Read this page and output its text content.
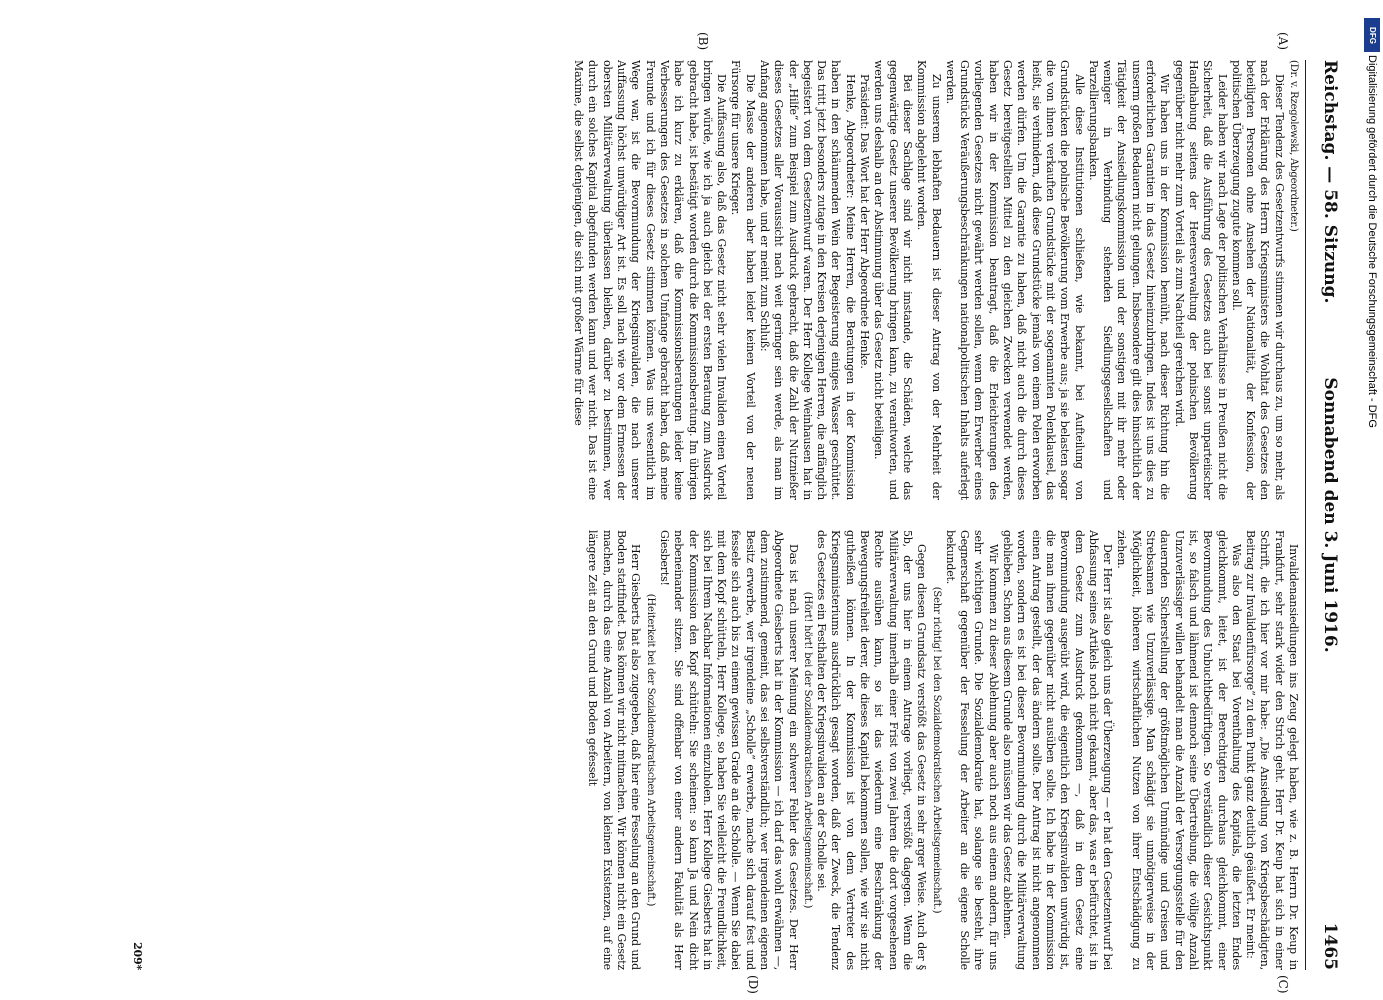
Reichstag. — 58. Sitzung.
Sonnabend den 3. Juni 1916.
1465
(A)
(B)
(C)
(D)

(Dr. v. Rzegolewski, Abgeordneter.)

Dieser Tendenz des Gesetzentwurfs stimmen wir durchaus zu, um so mehr, als nach der Erklärung des Herrn Kriegsministers die Wohltat des Gesetzes den beteiligten Personen ohne Ansehen der Nationalität, der Konfession, der politischen Überzeugung zugute kommen soll.

Leider haben wir nach Lage der politischen Verhältnisse in Preußen nicht die Sicherheit, daß die Ausführung des Gesetzes auch bei sonst unparteiischer Handhabung seitens der Heeresverwaltung der polnischen Bevölkerung gegenüber nicht mehr zum Vorteil als zum Nachteil gereichen wird.

Wir haben uns in der Kommission bemüht, nach dieser Richtung hin die erforderlichen Garantien in das Gesetz hineinzubringen. Indes ist uns dies zu unserm großen Bedauern nicht gelungen. Insbesondere gilt dies hinsichtlich der Tätigkeit der Ansiedlungskommission und der sonstigen mit ihr mehr oder weniger in Verbindung stehenden Siedlungsgesellschaften und Parzellierungsbanken.

Alle diese Institutionen schließen, wie bekannt, bei Aufteilung von Grundstücken die polnische Bevölkerung vom Erwerbe aus; ja sie belasten sogar die von ihnen verkauften Grundstücke mit der sogenannten Polenklausel, das heißt, sie verhindern, daß diese Grundstücke jemals von einem Polen erworben werden dürfen. Um die Garantie zu haben, daß nicht auch die durch dieses Gesetz bereitgestellten Mittel zu den gleichen Zwecken verwendet werden, haben wir in der Kommission beantragt, daß die Erleichterungen des vorliegenden Gesetzes nicht gewährt werden sollen, wenn dem Erwerber eines Grundstücks Veräußerungsbeschränkungen nationalpolitischen Inhalts auferlegt werden.

Zu unserem lebhaften Bedauern ist dieser Antrag von der Mehrheit der Kommission abgelehnt worden.

Bei dieser Sachlage sind wir nicht imstande, die Schäden, welche das gegenwärtige Gesetz unserer Bevölkerung bringen kann, zu verantworten, und werden uns deshalb an der Abstimmung über das Gesetz nicht beteiligen.

Präsident: Das Wort hat der Herr Abgeordnete Henke.

Henke, Abgeordneter: Meine Herren, die Beratungen in der Kommission haben in den schäumenden Wein der Begeisterung einiges Wasser geschüttet. Das tritt jetzt besonders zutage in den Kreisen derjenigen Herren, die anfänglich begeistert von dem Gesetzentwurf waren. Der Herr Kollege Weinhausen hat in der „Hilfe“ zum Beispiel zum Ausdruck gebracht, daß die Zahl der Nutznießer dieses Gesetzes aller Voraussicht nach weit geringer sein werde, als man im Anfang angenommen habe, und er meint zum Schluß:

Die Masse der anderen aber haben leider keinen Vorteil von der neuen Fürsorge für unsere Krieger.

Die Auffassung also, daß das Gesetz nicht sehr vielen Invaliden einen Vorteil bringen würde, wie ich ja auch gleich bei der ersten Beratung zum Ausdruck gebracht habe, ist bestätigt worden durch die Kommissionsberatung. Im übrigen habe ich kurz zu erklären, daß die Kommissionsberatungen leider keine Verbesserungen des Gesetzes in solchem Umfange gebracht haben, daß meine Freunde und ich für dieses Gesetz stimmen können. Was uns wesentlich im Wege war, ist die Bevormundung der Kriegsinvaliden, die nach unserer Auffassung höchst unwürdiger Art ist. Es soll nach wie vor dem Ermessen der obersten Militärverwaltung überlassen bleiben, darüber zu bestimmen, wer durch ein solches Kapital abgefunden werden kann und wer nicht. Das ist eine Maxime, die selbst denjenigen, die sich mit großer Wärme für diese

Invalidenansiedlungen ins Zeug gelegt haben, wie z. B. Herrn Dr. Keup in Frankfurt, sehr stark wider den Strich geht. Herr Dr. Keup hat sich in einer Schrift, die ich hier vor mir habe: „Die Ansiedlung von Kriegsbeschädigten, Beitrag zur Invalidenfürsorge“ zu dem Punkt ganz deutlich geäußert. Er meint:

Was also den Staat bei Vorenthaltung des Kapitals, die letzten Endes gleichkommt, leitet, ist der Berechtigten durchaus gleichkommt, einer Bevormundung des Unbuchtbedürftigen. So verständlich dieser Gesichtspunkt ist, so falsch und lähmend ist dennoch seine Übertreibung, die völlige Anzahl Unzuverlässiger willen behandelt man die Anzahl der Versorgungsstelle für den dauernden Sicherstellung der größtmöglichen Unmündige und Greisen und Strebsamen wie Unzuverlässige. Man schädigt sie unnötigerweise in der Möglichkeit, höheren wirtschaftlichen Nutzen von ihrer Entschädigung zu ziehen.

Der Herr ist also gleich uns der Überzeugung — er hat den Gesetzentwurf bei Abfassung seines Artikels noch nicht gekannt, aber das, was er befürchtet, ist in dem Gesetz zum Ausdruck gekommen —, daß in dem Gesetz eine Bevormundung ausgeübt wird, die eigentlich den Kriegsinvaliden unwürdig ist, die man ihnen gegenüber nicht ausüben sollte. Ich habe in der Kommission einen Antrag gestellt, der das ändern sollte. Der Antrag ist nicht angenommen worden, sondern es ist bei dieser Bevormundung durch die Militärverwaltung geblieben. Schon aus diesem Grunde also müssen wir das Gesetz ablehnen.

Wir kommen zu dieser Ablehnung aber auch noch aus einem andern, für uns sehr wichtigen Grunde. Die Sozialdemokratie hat, solange sie besteht, ihre Gegnerschaft gegenüber der Fesselung der Arbeiter an die eigene Scholle bekundet.

(Sehr richtig! bei den Sozialdemokratischen Arbeitsgemeinschaft.)

Gegen diesen Grundsatz verstößt das Gesetz in sehr arger Weise. Auch der § 5b, der uns hier in einem Antrage vorliegt, verstößt dagegen. Wenn die Militärverwaltung innerhalb einer Frist von zwei Jahren die dort vorgesehenen Rechte ausüben kann, so ist das wiederum eine Beschränkung der Bewegungsfreiheit derer, die dieses Kapital bekommen sollen, wie wir sie nicht gutheißen können. In der Kommission ist von dem Vertreter des Kriegsministeriums ausdrücklich gesagt worden, daß der Zweck, die Tendenz des Gesetzes ein Festhalten der Kriegsinvaliden an der Scholle sei.

(Hört! hört! bei der Sozialdemokratischen Arbeitsgemeinschaft.)

Das ist nach unserer Meinung ein schwerer Fehler des Gesetzes. Der Herr Abgeordnete Giesberts hat in der Kommission — ich darf das wohl erwähnen —, dem zustimmend, gemeint, das sei selbstverständlich; wer irgendeinen eigenen Besitz erwerbe, wer irgendeine „Scholle“ erwerbe, mache sich darauf fest und fessele sich auch bis zu einem gewissen Grade an die Scholle. — Wenn Sie dabei mit dem Kopf schütteln, Herr Kollege, so haben Sie vielleicht die Freundlichkeit, sich bei Ihrem Nachbar Informationen einzuholen. Herr Kollege Giesberts hat in der Kommission den Kopf schütteln: Sie scheinen: so kann Ja und Nein dicht nebeneinander sitzen. Sie sind offenbar von einer andern Fakultät als Herr Giesberts!

(Heiterkeit bei der Sozialdemokratischen Arbeitsgemeinschaft.)

Herr Giesberts hat also zugegeben, daß hier eine Fesselung an den Grund und Boden stattfindet. Das können wir nicht mitmachen. Wir können nicht ein Gesetz machen, durch das eine Anzahl von Arbeitern, von kleinen Existenzen, auf eine längere Zeit an den Grund und Boden gefesselt

209*
DFG
Digitalisierung gefördert durch die Deutsche Forschungsgemeinschaft - DFG
